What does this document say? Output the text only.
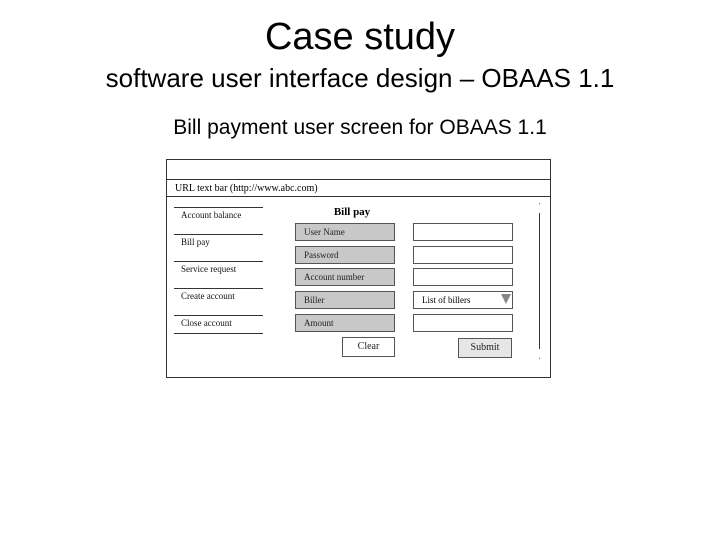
Case study
software user interface design – OBAAS 1.1
Bill payment user screen for OBAAS 1.1
URL text bar (http://www.abc.com)
Account balance
Bill pay
Service request
Create account
Close account
Bill pay
User Name
Password
Account number
Biller	List of billers
Amount
Clear	Submit
